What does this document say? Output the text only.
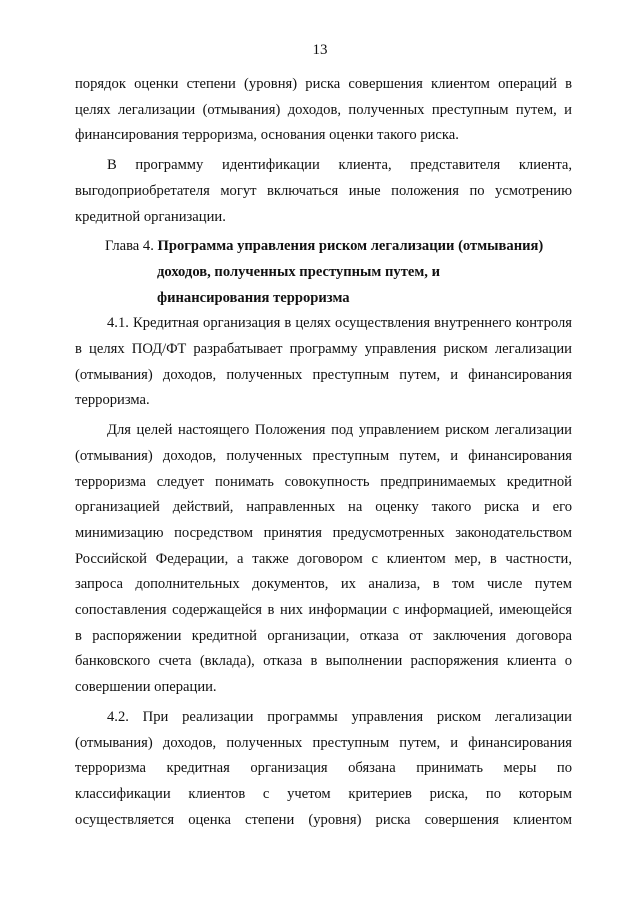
13
порядок оценки степени (уровня) риска совершения клиентом операций в
целях легализации (отмывания) доходов, полученных преступным путем, и
финансирования терроризма, основания оценки такого риска.
В программу идентификации клиента, представителя клиента,
выгодоприобретателя могут включаться иные положения по усмотрению
кредитной организации.
Глава 4. Программа управления риском легализации (отмывания)
доходов, полученных преступным путем, и
финансирования терроризма
4.1. Кредитная организация в целях осуществления внутреннего контроля
в целях ПОД/ФТ разрабатывает программу управления риском легализации
(отмывания) доходов, полученных преступным путем, и финансирования
терроризма.
Для целей настоящего Положения под управлением риском легализации
(отмывания) доходов, полученных преступным путем, и финансирования
терроризма следует понимать совокупность предпринимаемых кредитной
организацией действий, направленных на оценку такого риска и его
минимизацию посредством принятия предусмотренных законодательством
Российской Федерации, а также договором с клиентом мер, в частности,
запроса дополнительных документов, их анализа, в том числе путем
сопоставления содержащейся в них информации с информацией, имеющейся
в распоряжении кредитной организации, отказа от заключения договора
банковского счета (вклада), отказа в выполнении распоряжения клиента о
совершении операции.
4.2. При реализации программы управления риском легализации
(отмывания) доходов, полученных преступным путем, и финансирования
терроризма кредитная организация обязана принимать меры по
классификации клиентов с учетом критериев риска, по которым
осуществляется оценка степени (уровня) риска совершения клиентом
